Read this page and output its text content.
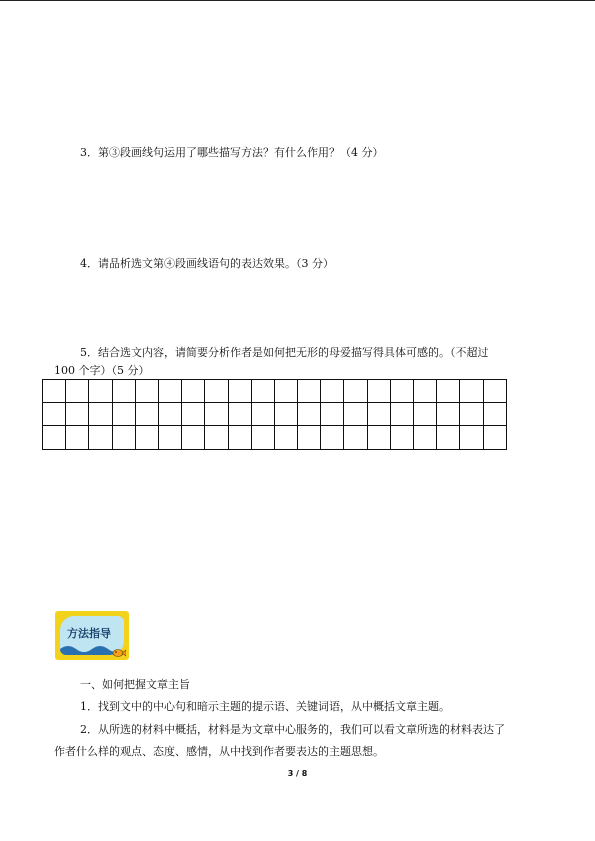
3．第③段画线句运用了哪些描写方法？有什么作用？（4 分）
4．请品析选文第④段画线语句的表达效果。（3 分）
5．结合选文内容，请简要分析作者是如何把无形的母爱描写得具体可感的。（不超过
100 个字）（5 分）

方法指导
一、如何把握文章主旨
1．找到文中的中心句和暗示主题的提示语、关键词语，从中概括文章主题。
2．从所选的材料中概括，材料是为文章中心服务的，我们可以看文章所选的材料表达了
作者什么样的观点、态度、感情，从中找到作者要表达的主题思想。
3 / 8
